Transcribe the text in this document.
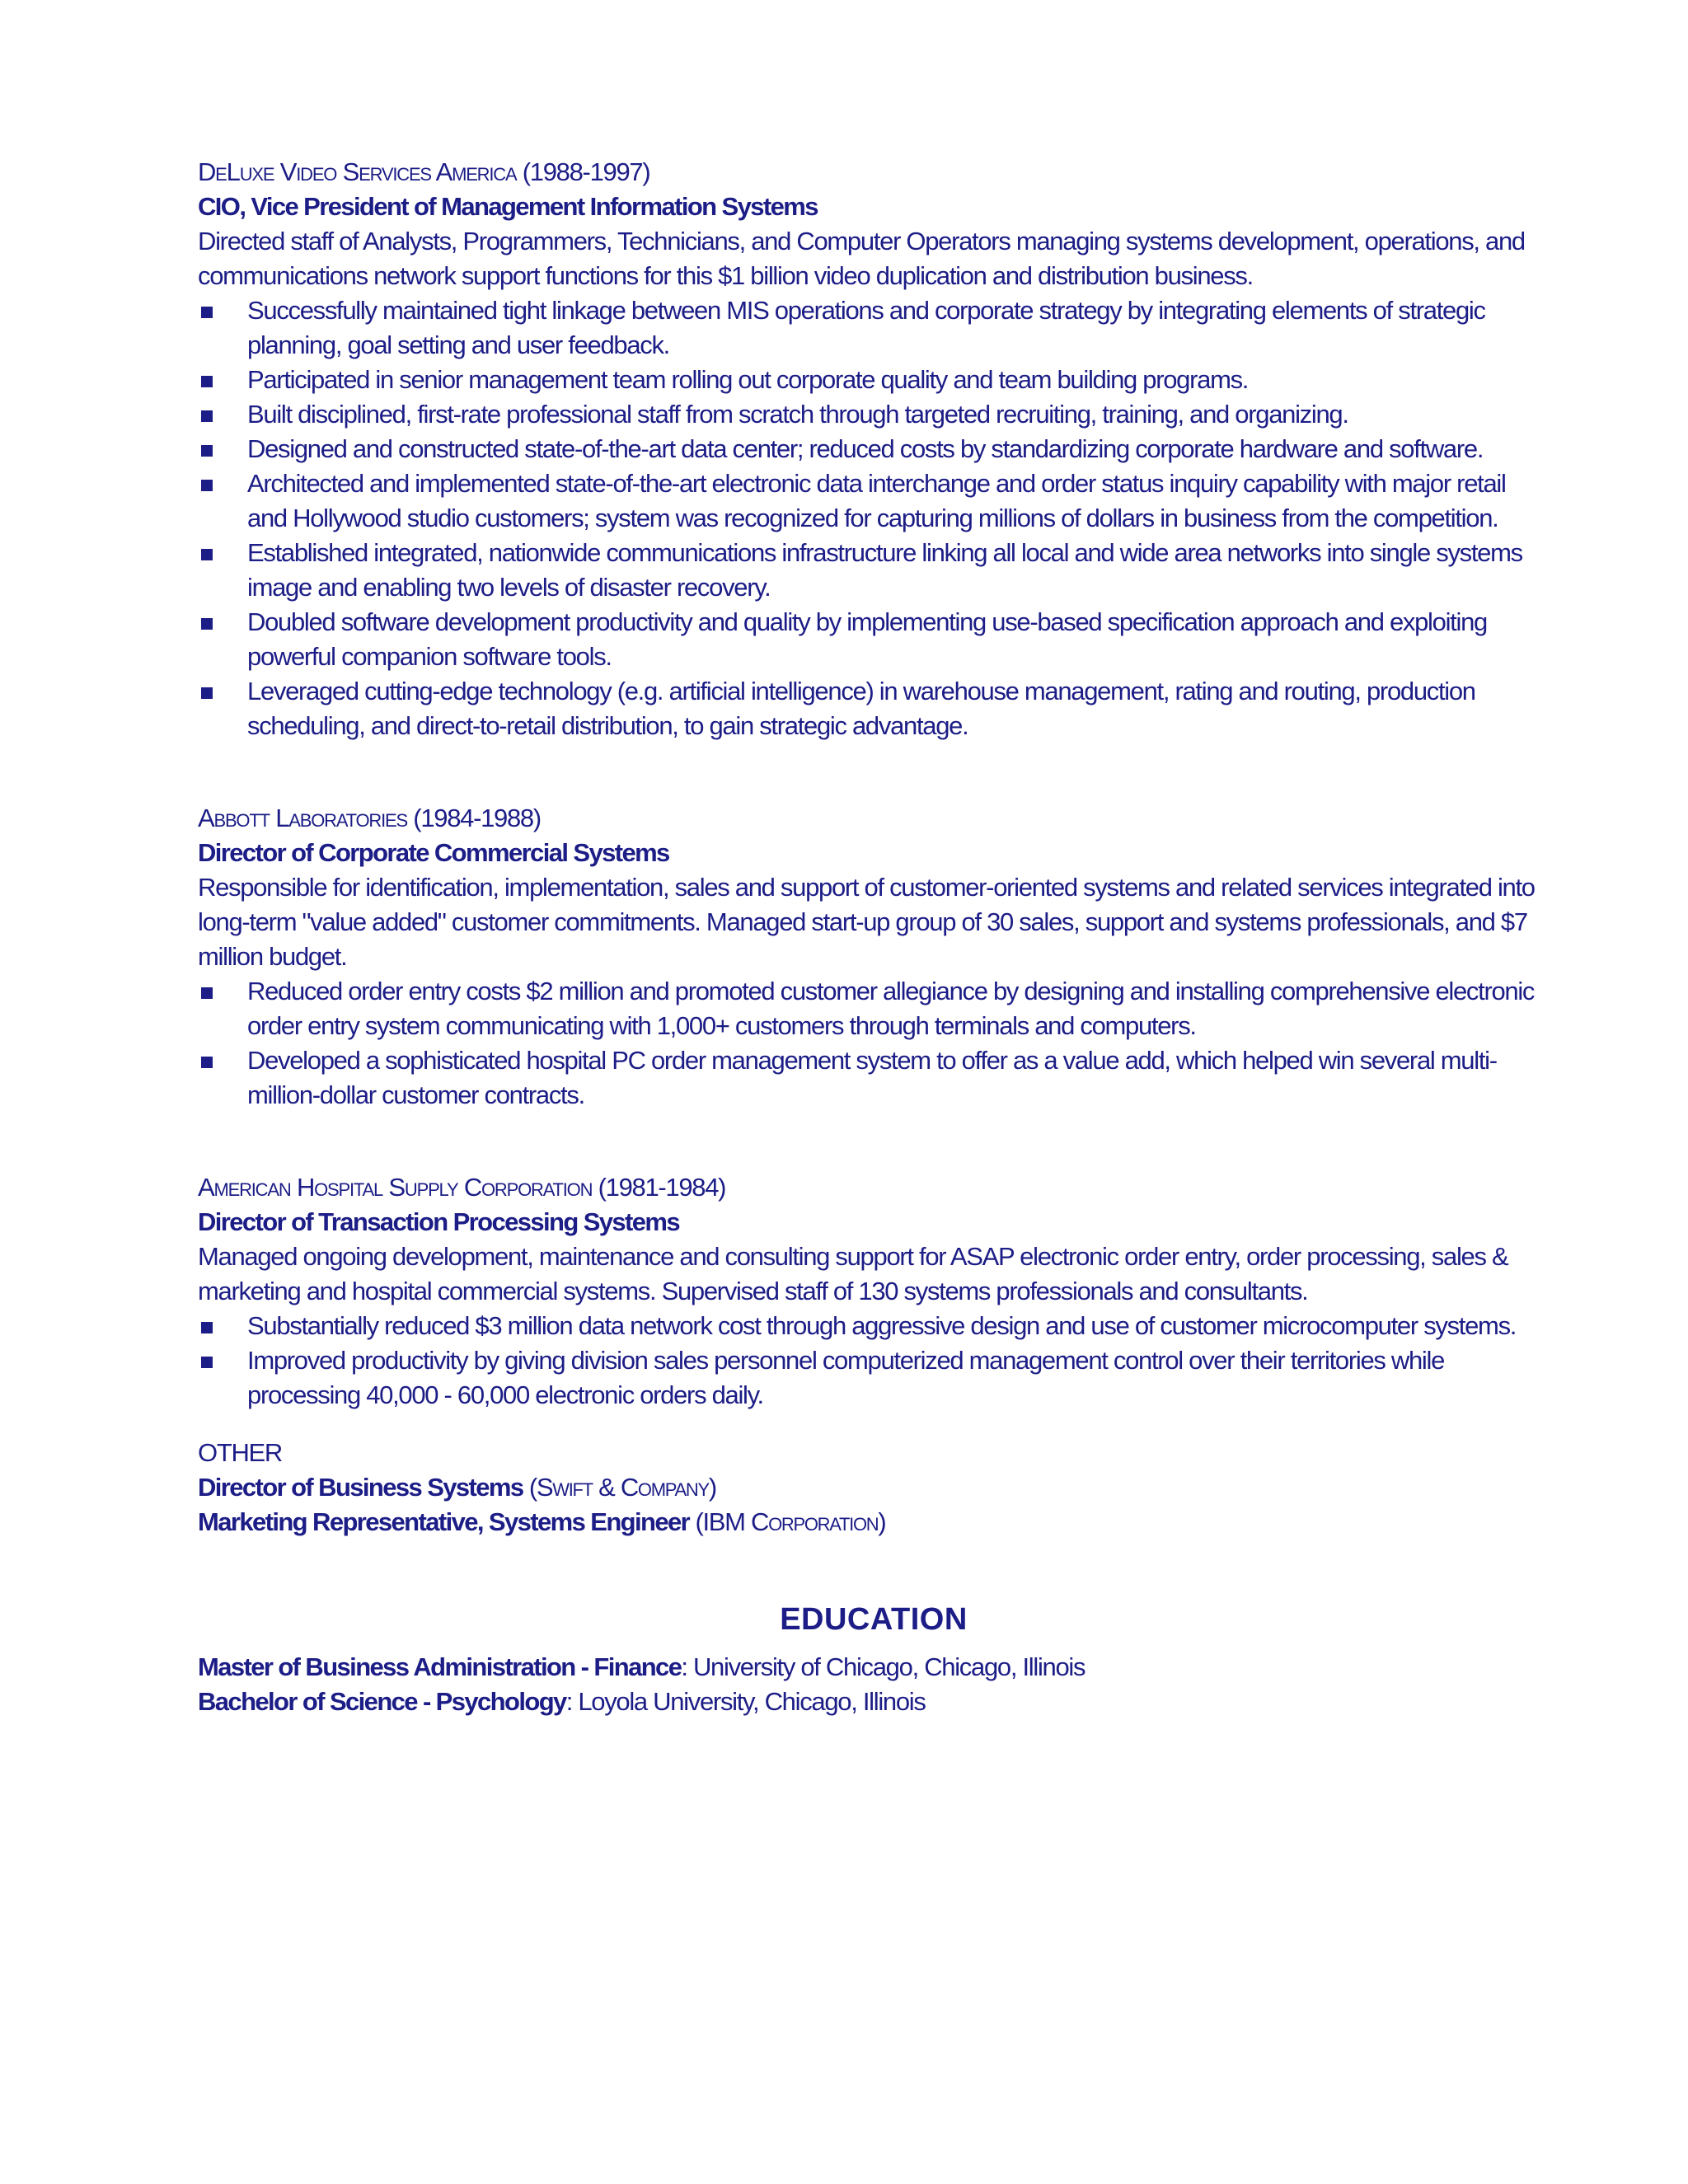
DeLuxe Video Services America (1988-1997)
CIO, Vice President of Management Information Systems

Directed staff of Analysts, Programmers, Technicians, and Computer Operators managing systems development, operations, and communications network support functions for this $1 billion video duplication and distribution business.

Successfully maintained tight linkage between MIS operations and corporate strategy by integrating elements of strategic planning, goal setting and user feedback.
Participated in senior management team rolling out corporate quality and team building programs.
Built disciplined, first-rate professional staff from scratch through targeted recruiting, training, and organizing.
Designed and constructed state-of-the-art data center; reduced costs by standardizing corporate hardware and software.
Architected and implemented state-of-the-art electronic data interchange and order status inquiry capability with major retail and Hollywood studio customers; system was recognized for capturing millions of dollars in business from the competition.
Established integrated, nationwide communications infrastructure linking all local and wide area networks into single systems image and enabling two levels of disaster recovery.
Doubled software development productivity and quality by implementing use-based specification approach and exploiting powerful companion software tools.
Leveraged cutting-edge technology (e.g. artificial intelligence) in warehouse management, rating and routing, production scheduling, and direct-to-retail distribution, to gain strategic advantage.
Abbott Laboratories (1984-1988)
Director of Corporate Commercial Systems

Responsible for identification, implementation, sales and support of customer-oriented systems and related services integrated into long-term "value added" customer commitments. Managed start-up group of 30 sales, support and systems professionals, and $7 million budget.

Reduced order entry costs $2 million and promoted customer allegiance by designing and installing comprehensive electronic order entry system communicating with 1,000+ customers through terminals and computers.
Developed a sophisticated hospital PC order management system to offer as a value add, which helped win several multi-million-dollar customer contracts.
American Hospital Supply Corporation (1981-1984)
Director of Transaction Processing Systems

Managed ongoing development, maintenance and consulting support for ASAP electronic order entry, order processing, sales & marketing and hospital commercial systems. Supervised staff of 130 systems professionals and consultants.

Substantially reduced $3 million data network cost through aggressive design and use of customer microcomputer systems.
Improved productivity by giving division sales personnel computerized management control over their territories while processing 40,000 - 60,000 electronic orders daily.
OTHER
Director of Business Systems (Swift & Company)
Marketing Representative, Systems Engineer (IBM Corporation)
EDUCATION
Master of Business Administration - Finance: University of Chicago, Chicago, Illinois
Bachelor of Science - Psychology: Loyola University, Chicago, Illinois
